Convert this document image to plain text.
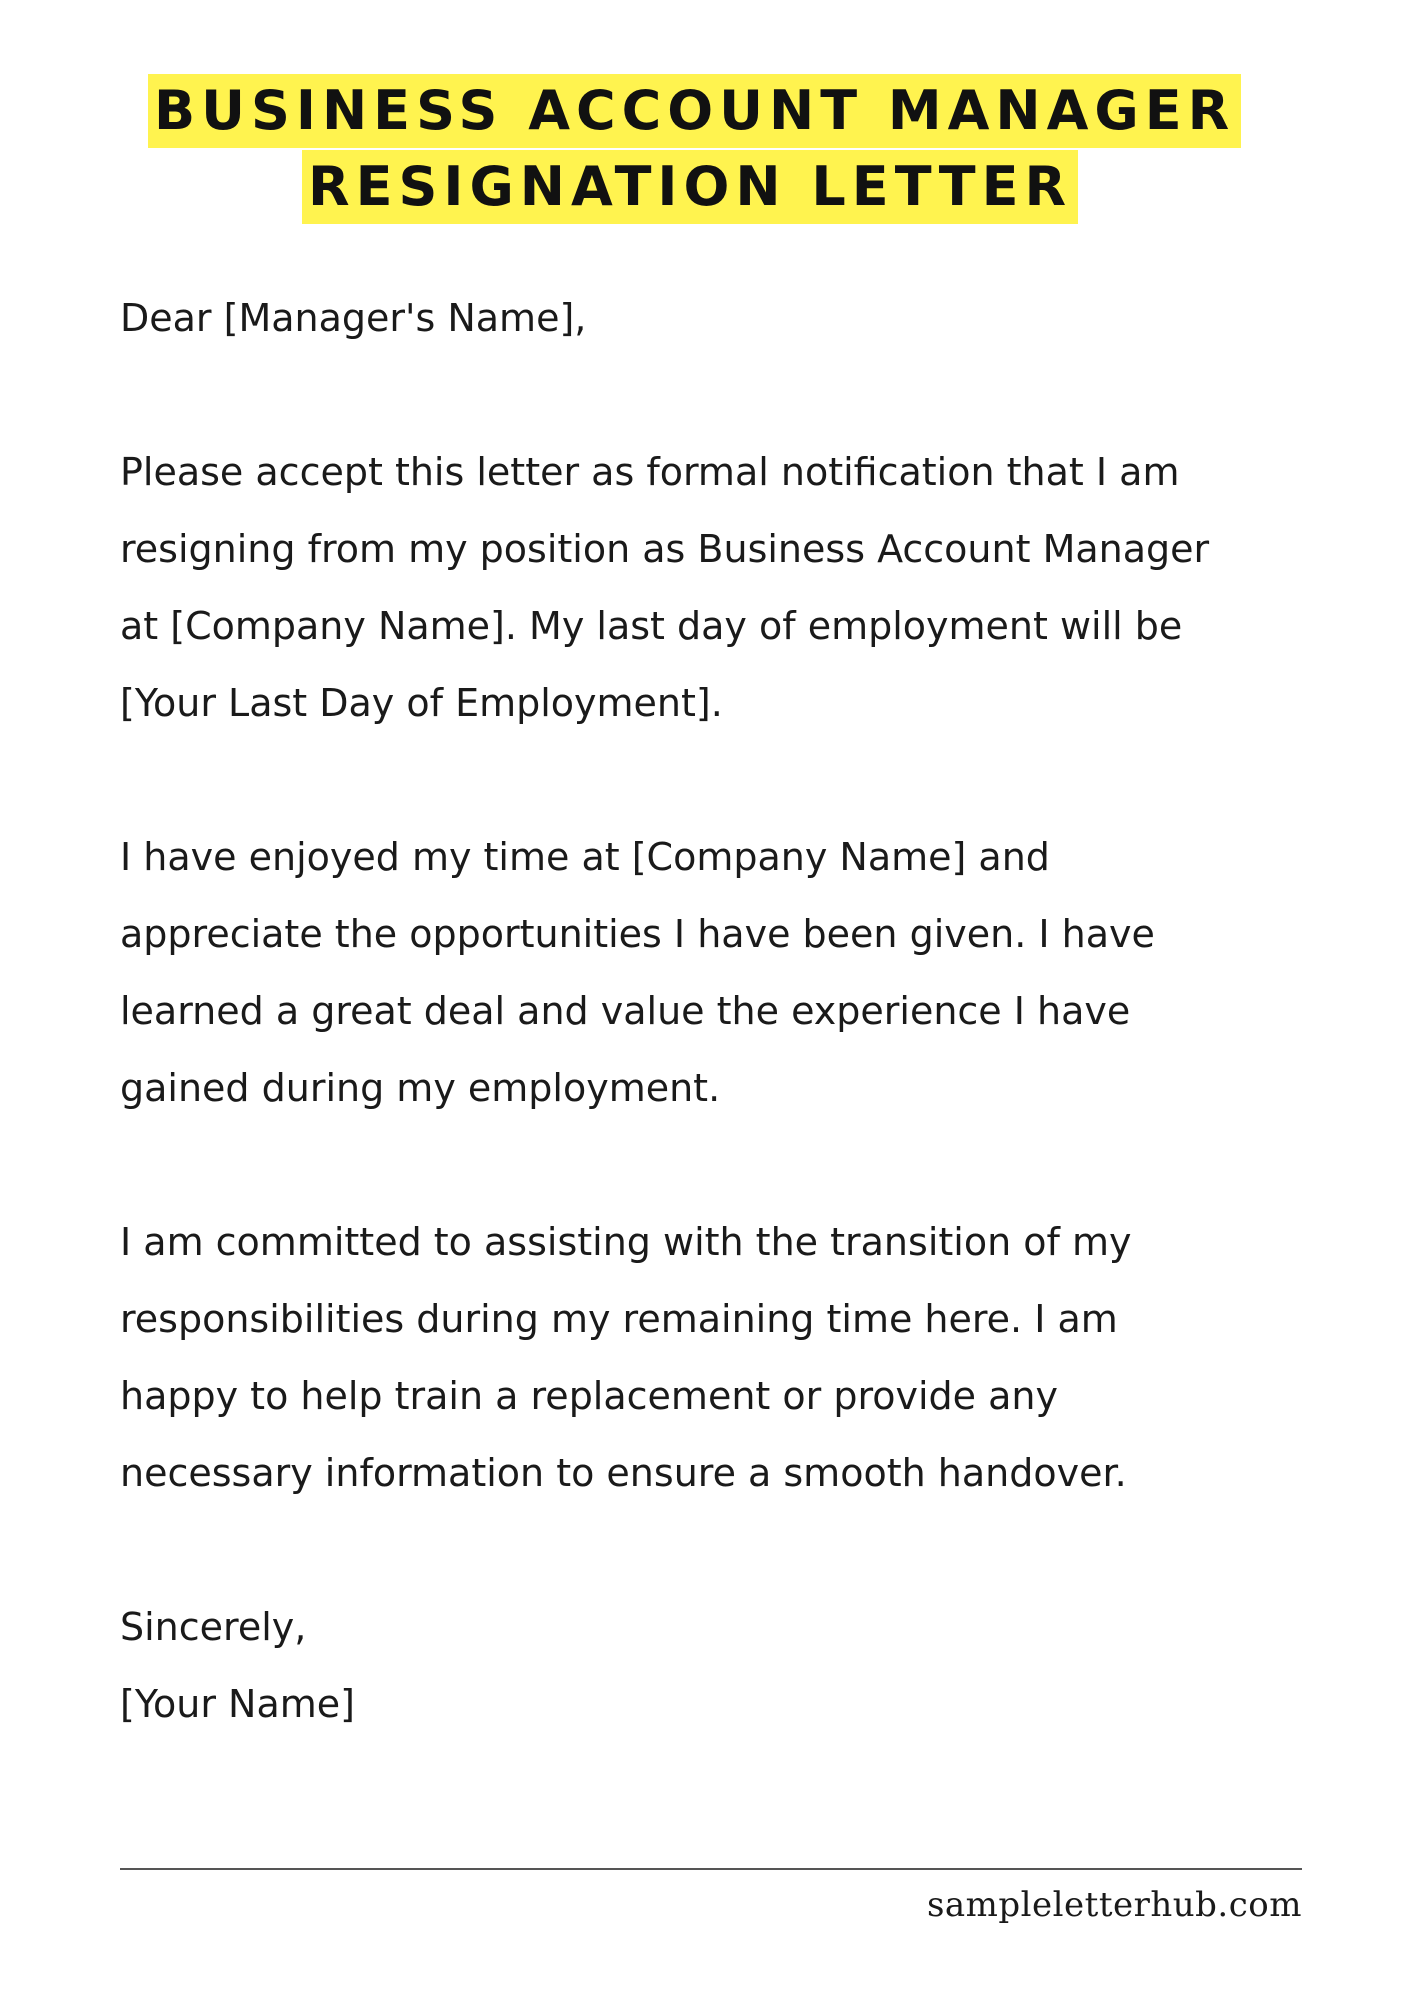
BUSINESS ACCOUNT MANAGER
RESIGNATION LETTER

Dear [Manager's Name],

Please accept this letter as formal notification that I am
resigning from my position as Business Account Manager
at [Company Name]. My last day of employment will be
[Your Last Day of Employment].

I have enjoyed my time at [Company Name] and
appreciate the opportunities I have been given. I have
learned a great deal and value the experience I have
gained during my employment.

I am committed to assisting with the transition of my
responsibilities during my remaining time here. I am
happy to help train a replacement or provide any
necessary information to ensure a smooth handover.

Sincerely,
[Your Name]

sampleletterhub.com
